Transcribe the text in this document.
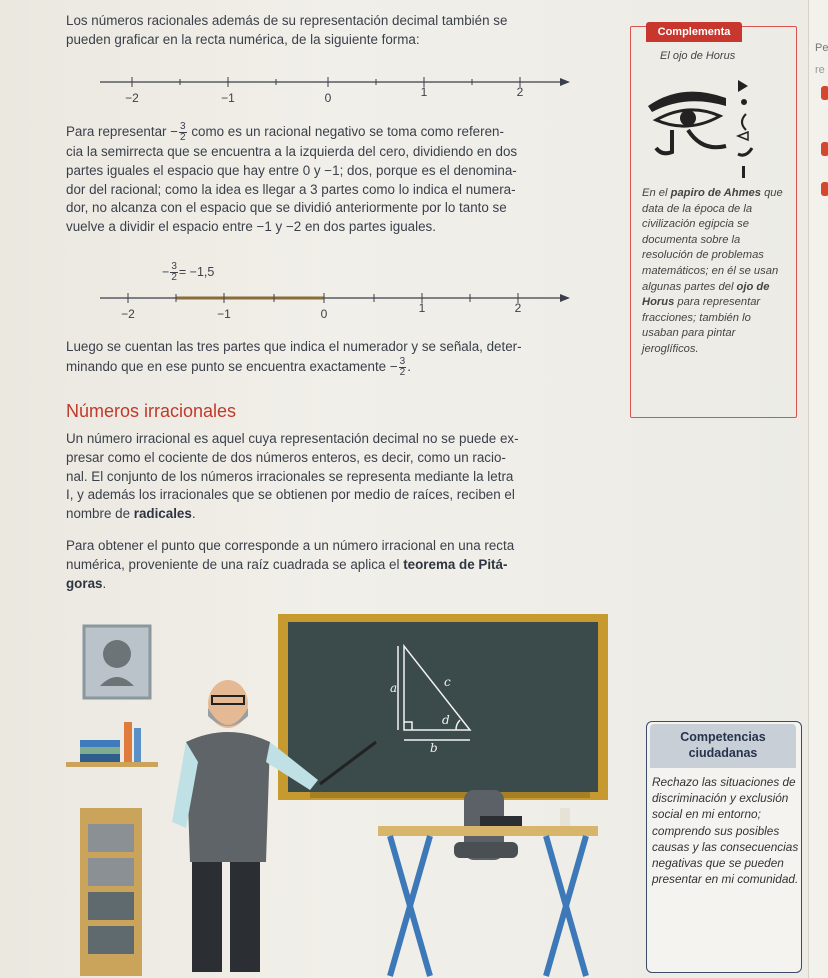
Los números racionales además de su representación decimal también se
pueden graficar en la recta numérica, de la siguiente forma:

−2	−1	0	1	2

Para representar − $\frac{3}{2}$ como es un racional negativo se toma como referen-
cia la semirrecta que se encuentra a la izquierda del cero, dividiendo en dos
partes iguales el espacio que hay entre 0 y −1; dos, porque es el denomina-
dor del racional; como la idea es llegar a 3 partes como lo indica el numera-
dor, no alcanza con el espacio que se dividió anteriormente por lo tanto se
vuelve a dividir el espacio entre −1 y −2 en dos partes iguales.

− $\frac{3}{2} = -1,5$
−2	−1	0	1	2

Luego se cuentan las tres partes que indica el numerador y se señala, deter-
minando que en ese punto se encuentra exactamente − $\frac{3}{2}$ .

Números irracionales

Un número irracional es aquel cuya representación decimal no se puede ex-
presar como el cociente de dos números enteros, es decir, como un racio-
nal. El conjunto de los números irracionales se representa mediante la letra
I, y además los irracionales que se obtienen por medio de raíces, reciben el
nombre de radicales.

Para obtener el punto que corresponde a un número irracional en una recta
numérica, proveniente de una raíz cuadrada se aplica el teorema de Pitá-
goras.

a
b
c
d
Complementa
El ojo de Horus
En el papiro de Ahmes que data de la época de la civilización egipcia se documenta sobre la resolución de problemas matemáticos; en él se usan algunas partes del ojo de Horus para representar fracciones; también lo usaban para pintar jeroglíficos.
Competencias
ciudadanas
Rechazo las situaciones de discriminación y exclusión social en mi entorno; comprendo sus posibles causas y las consecuencias negativas que se pueden presentar en mi comunidad.
Pe
re
